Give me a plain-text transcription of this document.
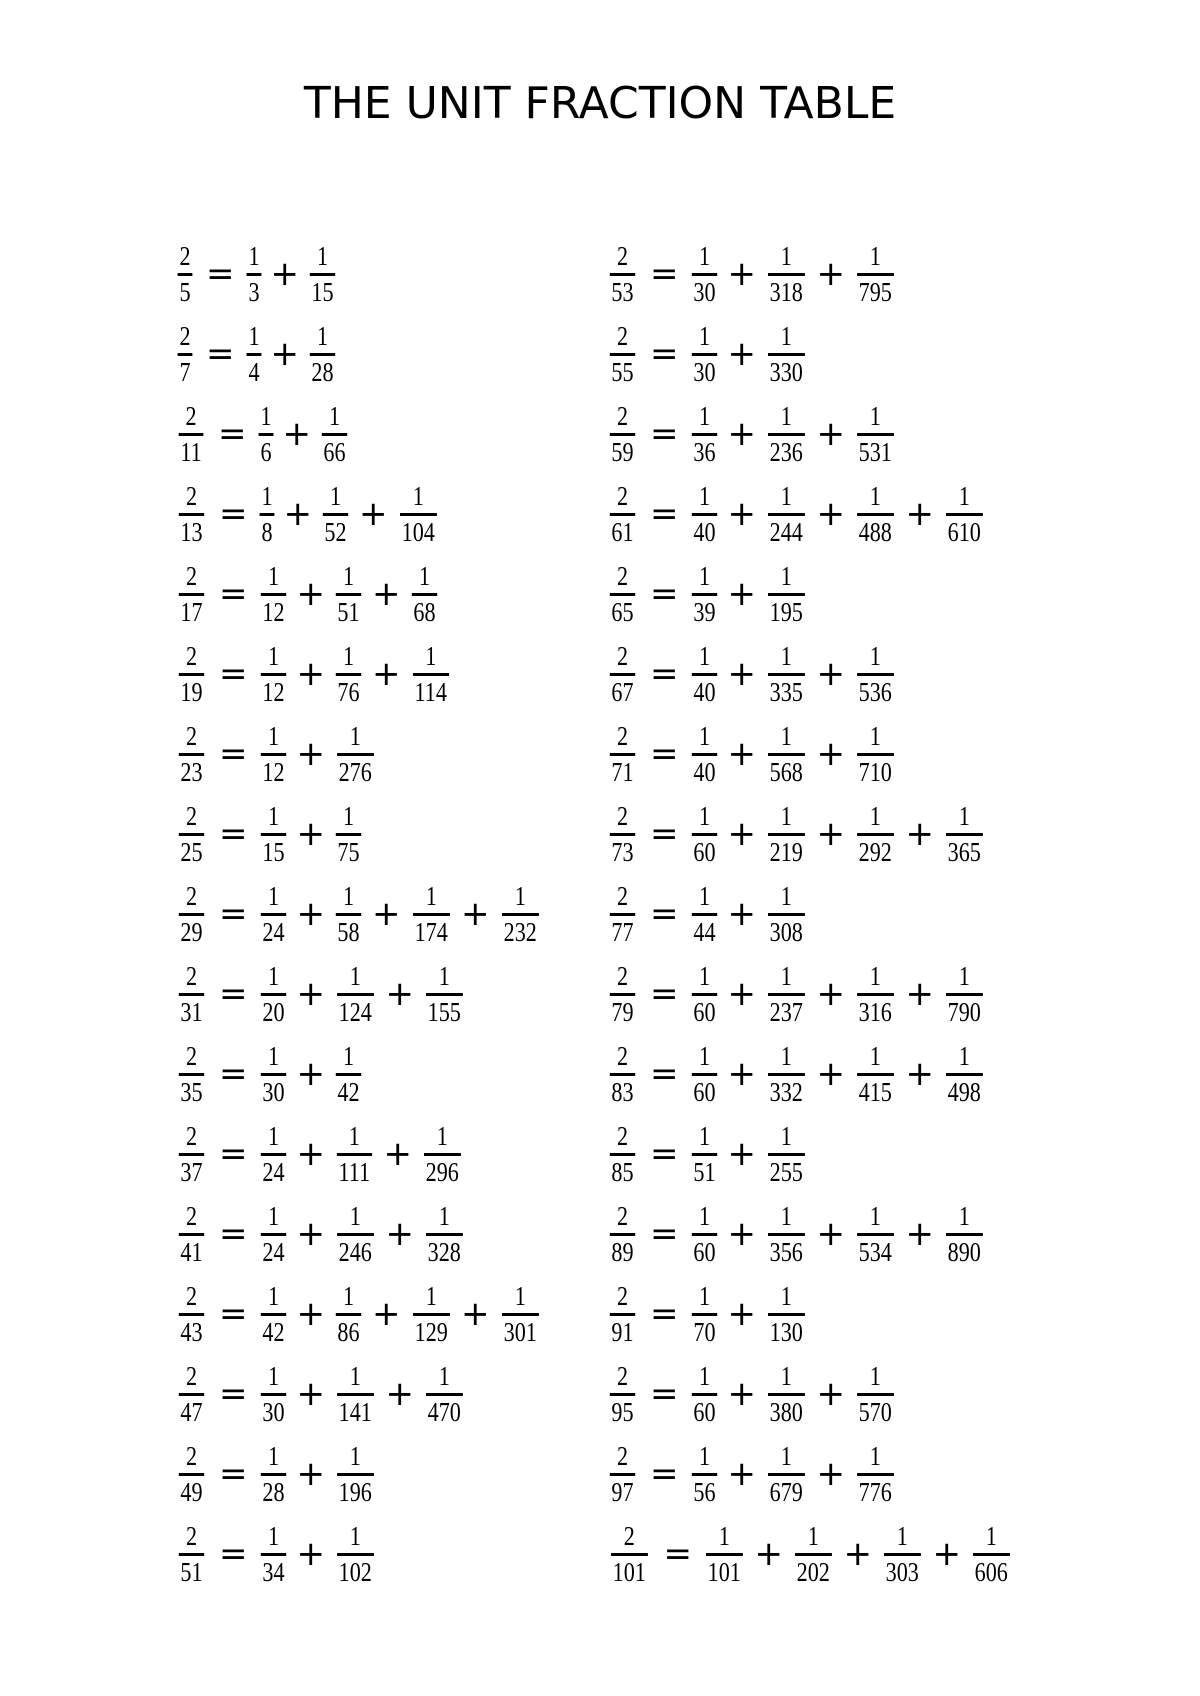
THE UNIT FRACTION TABLE
$\frac{2}{5} = \frac{1}{3} + \frac{1}{15}$
$\frac{2}{7} = \frac{1}{4} + \frac{1}{28}$
$\frac{2}{11} = \frac{1}{6} + \frac{1}{66}$
$\frac{2}{13} = \frac{1}{8} + \frac{1}{52} + \frac{1}{104}$
$\frac{2}{17} = \frac{1}{12} + \frac{1}{51} + \frac{1}{68}$
$\frac{2}{19} = \frac{1}{12} + \frac{1}{76} + \frac{1}{114}$
$\frac{2}{23} = \frac{1}{12} + \frac{1}{276}$
$\frac{2}{25} = \frac{1}{15} + \frac{1}{75}$
$\frac{2}{29} = \frac{1}{24} + \frac{1}{58} + \frac{1}{174} + \frac{1}{232}$
$\frac{2}{31} = \frac{1}{20} + \frac{1}{124} + \frac{1}{155}$
$\frac{2}{35} = \frac{1}{30} + \frac{1}{42}$
$\frac{2}{37} = \frac{1}{24} + \frac{1}{111} + \frac{1}{296}$
$\frac{2}{41} = \frac{1}{24} + \frac{1}{246} + \frac{1}{328}$
$\frac{2}{43} = \frac{1}{42} + \frac{1}{86} + \frac{1}{129} + \frac{1}{301}$
$\frac{2}{47} = \frac{1}{30} + \frac{1}{141} + \frac{1}{470}$
$\frac{2}{49} = \frac{1}{28} + \frac{1}{196}$
$\frac{2}{51} = \frac{1}{34} + \frac{1}{102}$
$\frac{2}{53} = \frac{1}{30} + \frac{1}{318} + \frac{1}{795}$
$\frac{2}{55} = \frac{1}{30} + \frac{1}{330}$
$\frac{2}{59} = \frac{1}{36} + \frac{1}{236} + \frac{1}{531}$
$\frac{2}{61} = \frac{1}{40} + \frac{1}{244} + \frac{1}{488} + \frac{1}{610}$
$\frac{2}{65} = \frac{1}{39} + \frac{1}{195}$
$\frac{2}{67} = \frac{1}{40} + \frac{1}{335} + \frac{1}{536}$
$\frac{2}{71} = \frac{1}{40} + \frac{1}{568} + \frac{1}{710}$
$\frac{2}{73} = \frac{1}{60} + \frac{1}{219} + \frac{1}{292} + \frac{1}{365}$
$\frac{2}{77} = \frac{1}{44} + \frac{1}{308}$
$\frac{2}{79} = \frac{1}{60} + \frac{1}{237} + \frac{1}{316} + \frac{1}{790}$
$\frac{2}{83} = \frac{1}{60} + \frac{1}{332} + \frac{1}{415} + \frac{1}{498}$
$\frac{2}{85} = \frac{1}{51} + \frac{1}{255}$
$\frac{2}{89} = \frac{1}{60} + \frac{1}{356} + \frac{1}{534} + \frac{1}{890}$
$\frac{2}{91} = \frac{1}{70} + \frac{1}{130}$
$\frac{2}{95} = \frac{1}{60} + \frac{1}{380} + \frac{1}{570}$
$\frac{2}{97} = \frac{1}{56} + \frac{1}{679} + \frac{1}{776}$
$\frac{2}{101} = \frac{1}{101} + \frac{1}{202} + \frac{1}{303} + \frac{1}{606}$
